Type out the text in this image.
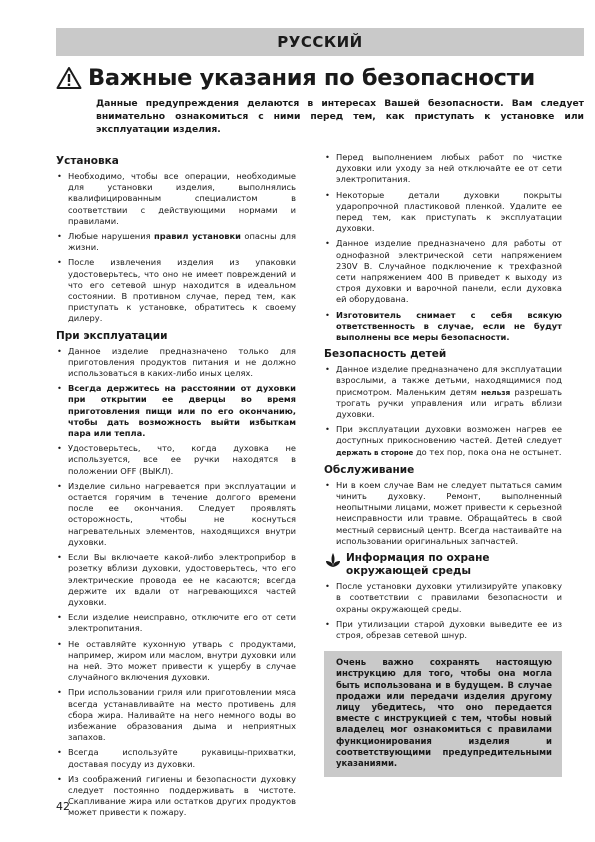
РУССКИЙ
Важные указания по безопасности
Данные предупреждения делаются в интересах Вашей безопасности. Вам следует внимательно ознакомиться с ними перед тем, как приступать к установке или эксплуатации изделия.
Установка
• Необходимо, чтобы все операции, необходимые для установки изделия, выполнялись квалифицированным специалистом в соответствии с действующими нормами и правилами.
• Любые нарушения правил установки опасны для жизни.
• После извлечения изделия из упаковки удостоверьтесь, что оно не имеет повреждений и что его сетевой шнур находится в идеальном состоянии. В противном случае, перед тем, как приступать к установке, обратитесь к своему дилеру.
При эксплуатации
• Данное изделие предназначено только для приготовления продуктов питания и не должно использоваться в каких-либо иных целях.
• Всегда держитесь на расстоянии от духовки при открытии ее дверцы во время приготовления пищи или по его окончанию, чтобы дать возможность выйти избыткам пара или тепла.
• Удостоверьтесь, что, когда духовка не используется, все ее ручки находятся в положении OFF (ВЫКЛ).
• Изделие сильно нагревается при эксплуатации и остается горячим в течение долгого времени после ее окончания. Следует проявлять осторожность, чтобы не коснуться нагревательных элементов, находящихся внутри духовки.
• Если Вы включаете какой-либо электроприбор в розетку вблизи духовки, удостоверьтесь, что его электрические провода ее не касаются; всегда держите их вдали от нагревающихся частей духовки.
• Если изделие неисправно, отключите его от сети электропитания.
• Не оставляйте кухонную утварь с продуктами, например, жиром или маслом, внутри духовки или на ней. Это может привести к ущербу в случае случайного включения духовки.
• При использовании гриля или приготовлении мяса всегда устанавливайте на место противень для сбора жира. Наливайте на него немного воды во избежание образования дыма и неприятных запахов.
• Всегда используйте рукавицы-прихватки, доставая посуду из духовки.
• Из соображений гигиены и безопасности духовку следует постоянно поддерживать в чистоте. Скапливание жира или остатков других продуктов может привести к пожару.
• Перед выполнением любых работ по чистке духовки или уходу за ней отключайте ее от сети электропитания.
• Некоторые детали духовки покрыты ударопрочной пластиковой пленкой. Удалите ее перед тем, как приступать к эксплуатации духовки.
• Данное изделие предназначено для работы от однофазной электрической сети напряжением 230V В. Случайное подключение к трехфазной сети напряжением 400 В приведет к выходу из строя духовки и варочной панели, если духовка ей оборудована.
• Изготовитель снимает с себя всякую ответственность в случае, если не будут выполнены все меры безопасности.
Безопасность детей
• Данное изделие предназначено для эксплуатации взрослыми, а также детьми, находящимися под присмотром. Маленьким детям нельзя разрешать трогать ручки управления или играть вблизи духовки.
• При эксплуатации духовки возможен нагрев ее доступных прикосновению частей. Детей следует держать в стороне до тех пор, пока она не остынет.
Обслуживание
• Ни в коем случае Вам не следует пытаться самим чинить духовку. Ремонт, выполненный неопытными лицами, может привести к серьезной неисправности или травме. Обращайтесь в свой местный сервисный центр. Всегда настаивайте на использовании оригинальных запчастей.
Информация по охране окружающей среды
• После установки духовки утилизируйте упаковку в соответствии с правилами безопасности и охраны окружающей среды.
• При утилизации старой духовки выведите ее из строя, обрезав сетевой шнур.
Очень важно сохранять настоящую инструкцию для того, чтобы она могла быть использована и в будущем. В случае продажи или передачи изделия другому лицу убедитесь, что оно передается вместе с инструкцией с тем, чтобы новый владелец мог ознакомиться с правилами функционирования изделия и соответствующими предупредительными указаниями.
42
